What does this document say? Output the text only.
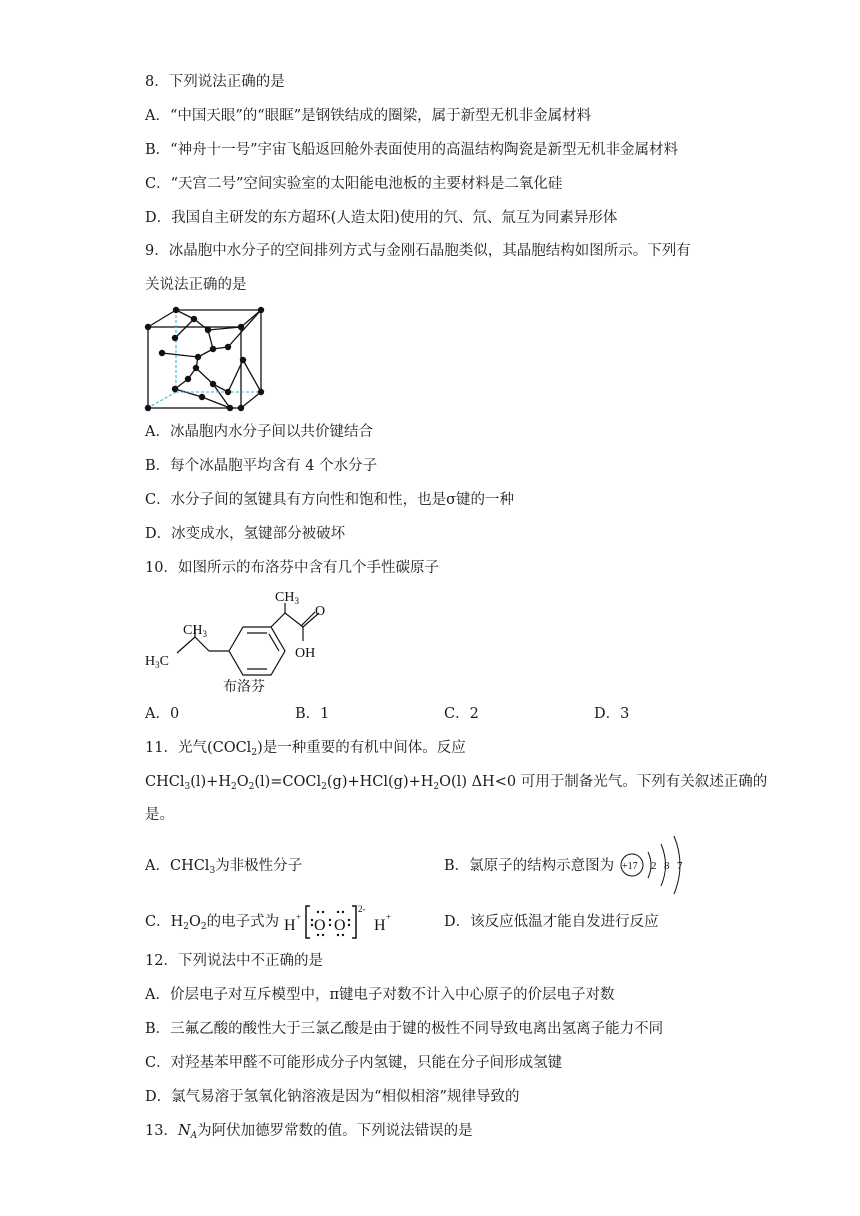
8．下列说法正确的是
A．“中国天眼”的“眼眶”是钢铁结成的圈梁，属于新型无机非金属材料
B．“神舟十一号”宇宙飞船返回舱外表面使用的高温结构陶瓷是新型无机非金属材料
C．“天宫二号”空间实验室的太阳能电池板的主要材料是二氧化硅
D．我国自主研发的东方超环(人造太阳)使用的氕、氘、氚互为同素异形体
9．冰晶胞中水分子的空间排列方式与金刚石晶胞类似，其晶胞结构如图所示。下列有
关说法正确的是
A．冰晶胞内水分子间以共价键结合
B．每个冰晶胞平均含有 4 个水分子
C．水分子间的氢键具有方向性和饱和性，也是σ键的一种
D．冰变成水，氢键部分被破坏
10．如图所示的布洛芬中含有几个手性碳原子
$CH_3$
$CH_3$
$H_3C$
O
OH
布洛芬
A．0	B．1	C．2	D．3
11．光气(COCl$_2$)是一种重要的有机中间体。反应
$CHCl_3(l)+H_2O_2(l)=COCl_2(g)+HCl(g)+H_2O(l)$ ΔH<0 可用于制备光气。下列有关叙述正确的
是。
A．CHCl$_3$为非极性分子	B．氯原子的结构示意图为 +17 2 8 7
C．$H_2O_2$的电子式为 H + O O
2-
H +	D．该反应低温才能自发进行反应
12．下列说法中不正确的是
A．价层电子对互斥模型中，π键电子对数不计入中心原子的价层电子对数
B．三氟乙酸的酸性大于三氯乙酸是由于键的极性不同导致电离出氢离子能力不同
C．对羟基苯甲醛不可能形成分子内氢键，只能在分子间形成氢键
D．氯气易溶于氢氧化钠溶液是因为“相似相溶”规律导致的
13．$N_A$为阿伏加德罗常数的值。下列说法错误的是
